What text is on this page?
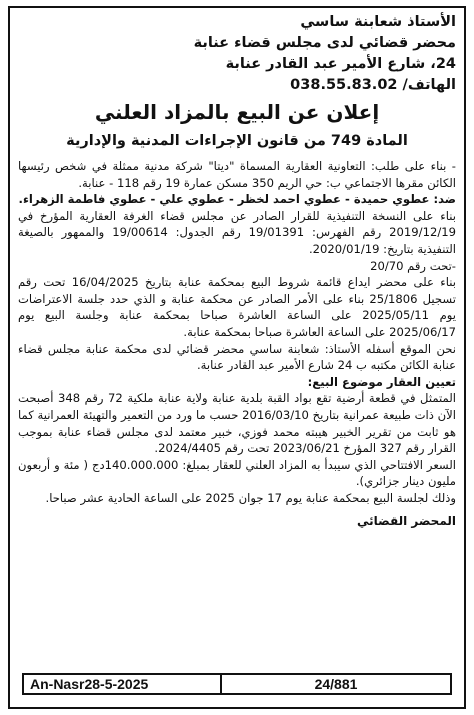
الأستاذ شعابنة ساسي
محضر قضائي لدى مجلس قضاء عنابة
24، شارع الأمير عبد القادر عنابة
الهاتف/ 038.55.83.02
إعلان عن البيع بالمزاد العلني
المادة 749 من قانون الإجراءات المدنية والإدارية

- بناء على طلب: التعاونية العقارية المسماة "ديتا" شركة مدنية ممثلة في شخص رئيسها الكائن مقرها الاجتماعي ب: حي الريم 350 مسكن عمارة 19 رقم 118 - عنابة.

ضد: عطوي حميدة - عطوي احمد لخظر - عطوي علي - عطوي فاطمة الزهراء.

بناء على النسخة التنفيذية للقرار الصادر عن مجلس قضاء الغرفة العقارية المؤرخ في 2019/12/19 رقم الفهرس: 19/01391 رقم الجدول: 19/00614 والممهور بالصيغة التنفيذية بتاريخ: 2020/01/19.

-تحت رقم 20/70

بناء على محضر ايداع قائمة شروط البيع بمحكمة عنابة بتاريخ 16/04/2025 تحت رقم تسجيل 25/1806 بناء على الأمر الصادر عن محكمة عنابة و الذي حدد جلسة الاعتراضات يوم 2025/05/11 على الساعة العاشرة صباحا بمحكمة عنابة وجلسة البيع يوم 2025/06/17 على الساعة العاشرة صباحا بمحكمة عنابة.

نحن الموقع أسفله الأستاذ: شعابنة ساسي محضر قضائي لدى محكمة عنابة مجلس قضاء عنابة الكائن مكتبه ب 24 شارع الأمير عبد القادر عنابة.

تعيين العقار موضوع البيع:

المتمثل في قطعة أرضية تقع بواد القبة بلدية عنابة ولاية عنابة ملكية 72 رقم 348 أصبحت الآن ذات طبيعة عمرانية بتاريخ 2016/03/10 حسب ما ورد من التعمير والتهيئة العمرانية كما هو ثابت من تقرير الخبير هيبته محمد فوزي، خبير معتمد لدى مجلس قضاء عنابة بموجب القرار رقم 327 المؤرخ 2023/06/21 تحت رقم 2024/4405.

السعر الافتتاحي الذي سيبدأ به المزاد العلني للعقار بمبلغ: 140.000.000دج ( مئة و أربعون مليون دينار جزائري).

وذلك لجلسة البيع بمحكمة عنابة يوم 17 جوان 2025 على الساعة الحادية عشر صباحا.

المحضر القضائي
An-Nasr28-5-2025	24/881
